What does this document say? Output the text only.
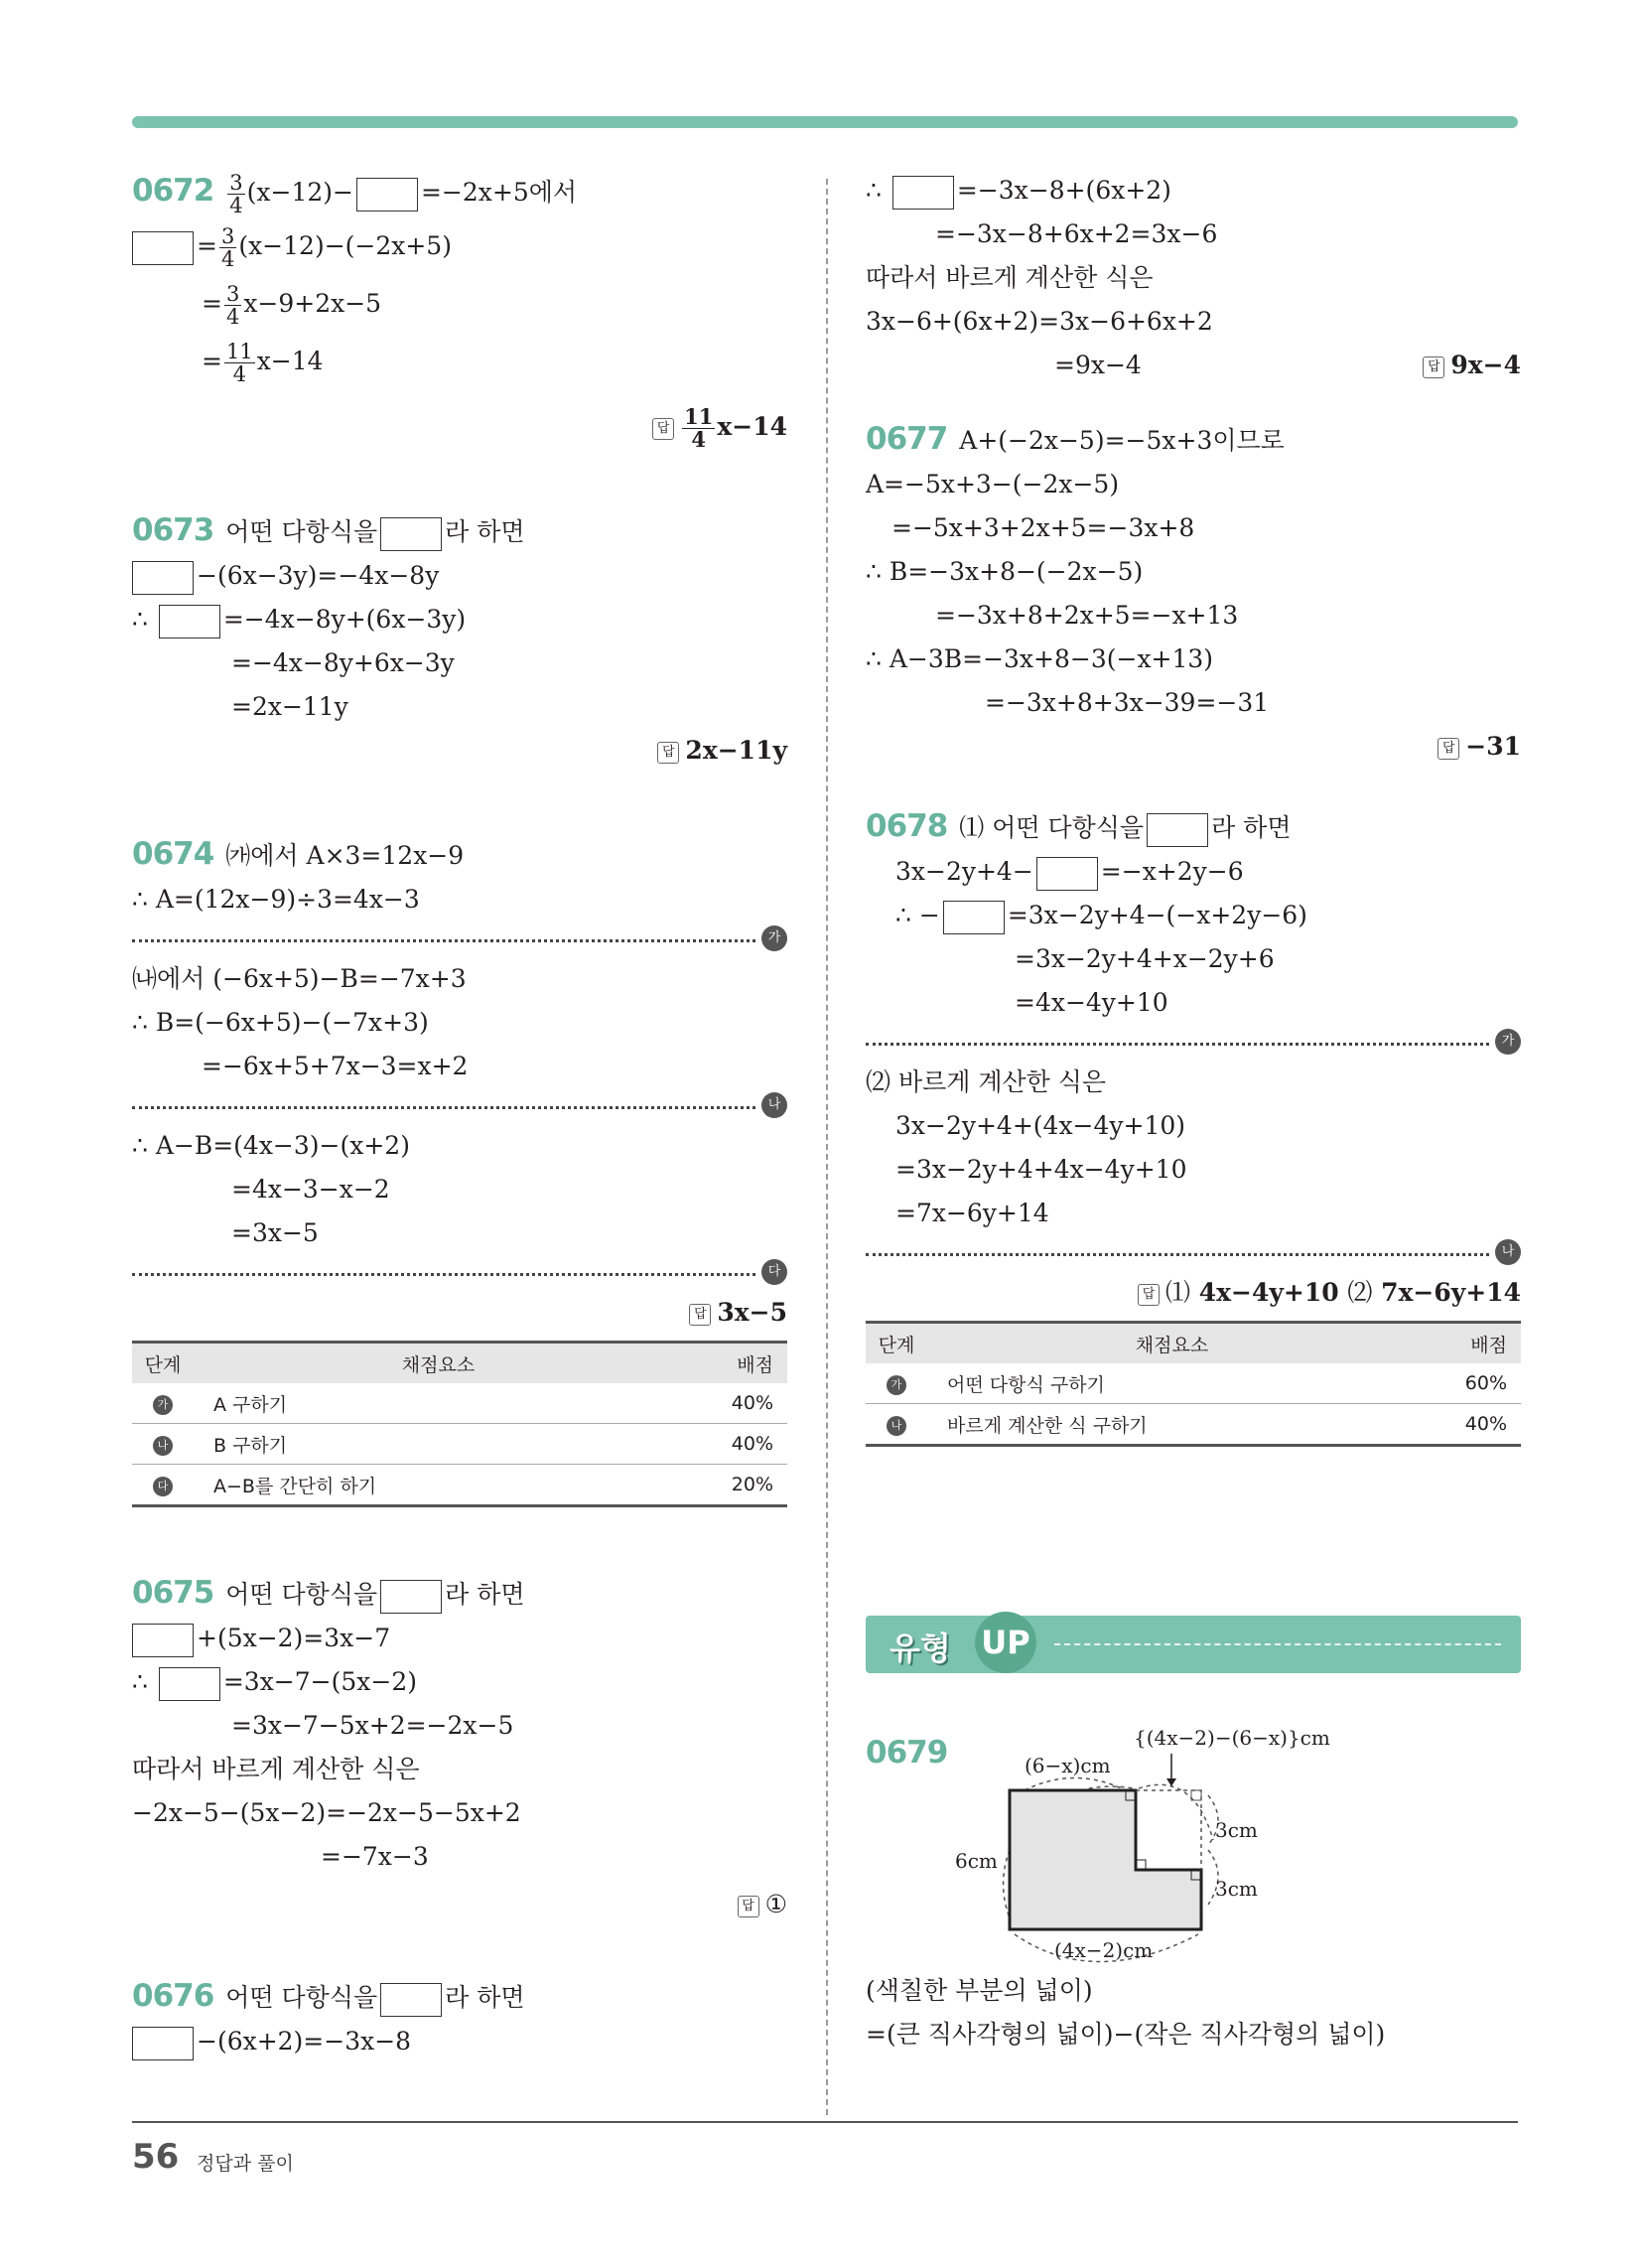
$0672 \frac{3}{4} (x-12)-$	=−2x+5에서
= $\frac{3}{4} (x-12)-(-2x+5)$
= $\frac{3}{4} x-9+2x-5$
= $\frac{11}{4} x-14$
답 $\frac{11}{4} x-14$
0673 어떤 다항식을	라 하면
−(6x−3y)=−4x−8y
∴	=−4x−8y+(6x−3y)
=−4x−8y+6x−3y
=2x−11y
답 2x−11y
0674 ㈎에서 A×3=12x−9
∴ A=(12x−9)÷3=4x−3
가
㈏에서 (−6x+5)−B=−7x+3
∴ B=(−6x+5)−(−7x+3)
=−6x+5+7x−3=x+2
나
∴ A−B=(4x−3)−(x+2)
=4x−3−x−2
=3x−5
다
답 3x−5
단계	채점요소	배점
가	A 구하기	40%
나	B 구하기	40%
다	A−B를 간단히 하기	20%
0675 어떤 다항식을	라 하면
+(5x−2)=3x−7
∴	=3x−7−(5x−2)
=3x−7−5x+2=−2x−5
따라서 바르게 계산한 식은
−2x−5−(5x−2)=−2x−5−5x+2
=−7x−3
답 ①
0676 어떤 다항식을	라 하면
−(6x+2)=−3x−8
∴	=−3x−8+(6x+2)
=−3x−8+6x+2=3x−6
따라서 바르게 계산한 식은
3x−6+(6x+2)=3x−6+6x+2
=9x−4	답 9x−4
0677 A+(−2x−5)=−5x+3이므로
A=−5x+3−(−2x−5)
=−5x+3+2x+5=−3x+8
∴ B=−3x+8−(−2x−5)
=−3x+8+2x+5=−x+13
∴ A−3B=−3x+8−3(−x+13)
=−3x+8+3x−39=−31
답 −31
0678 ⑴ 어떤 다항식을	라 하면
3x−2y+4−	=−x+2y−6
∴ −	=3x−2y+4−(−x+2y−6)
=3x−2y+4+x−2y+6
=4x−4y+10
가
⑵ 바르게 계산한 식은
3x−2y+4+(4x−4y+10)
=3x−2y+4+4x−4y+10
=7x−6y+14
나
답 ⑴ 4x−4y+10 ⑵ 7x−6y+14
단계	채점요소	배점
가	어떤 다항식 구하기	60%
나	바르게 계산한 식 구하기	40%
유형 UP
0679	(6−x)cm
{(4x−2)−(6−x)}cm
6cm
3cm
3cm
(4x−2)cm
(색칠한 부분의 넓이)
=(큰 직사각형의 넓이)−(작은 직사각형의 넓이)
56 정답과 풀이
